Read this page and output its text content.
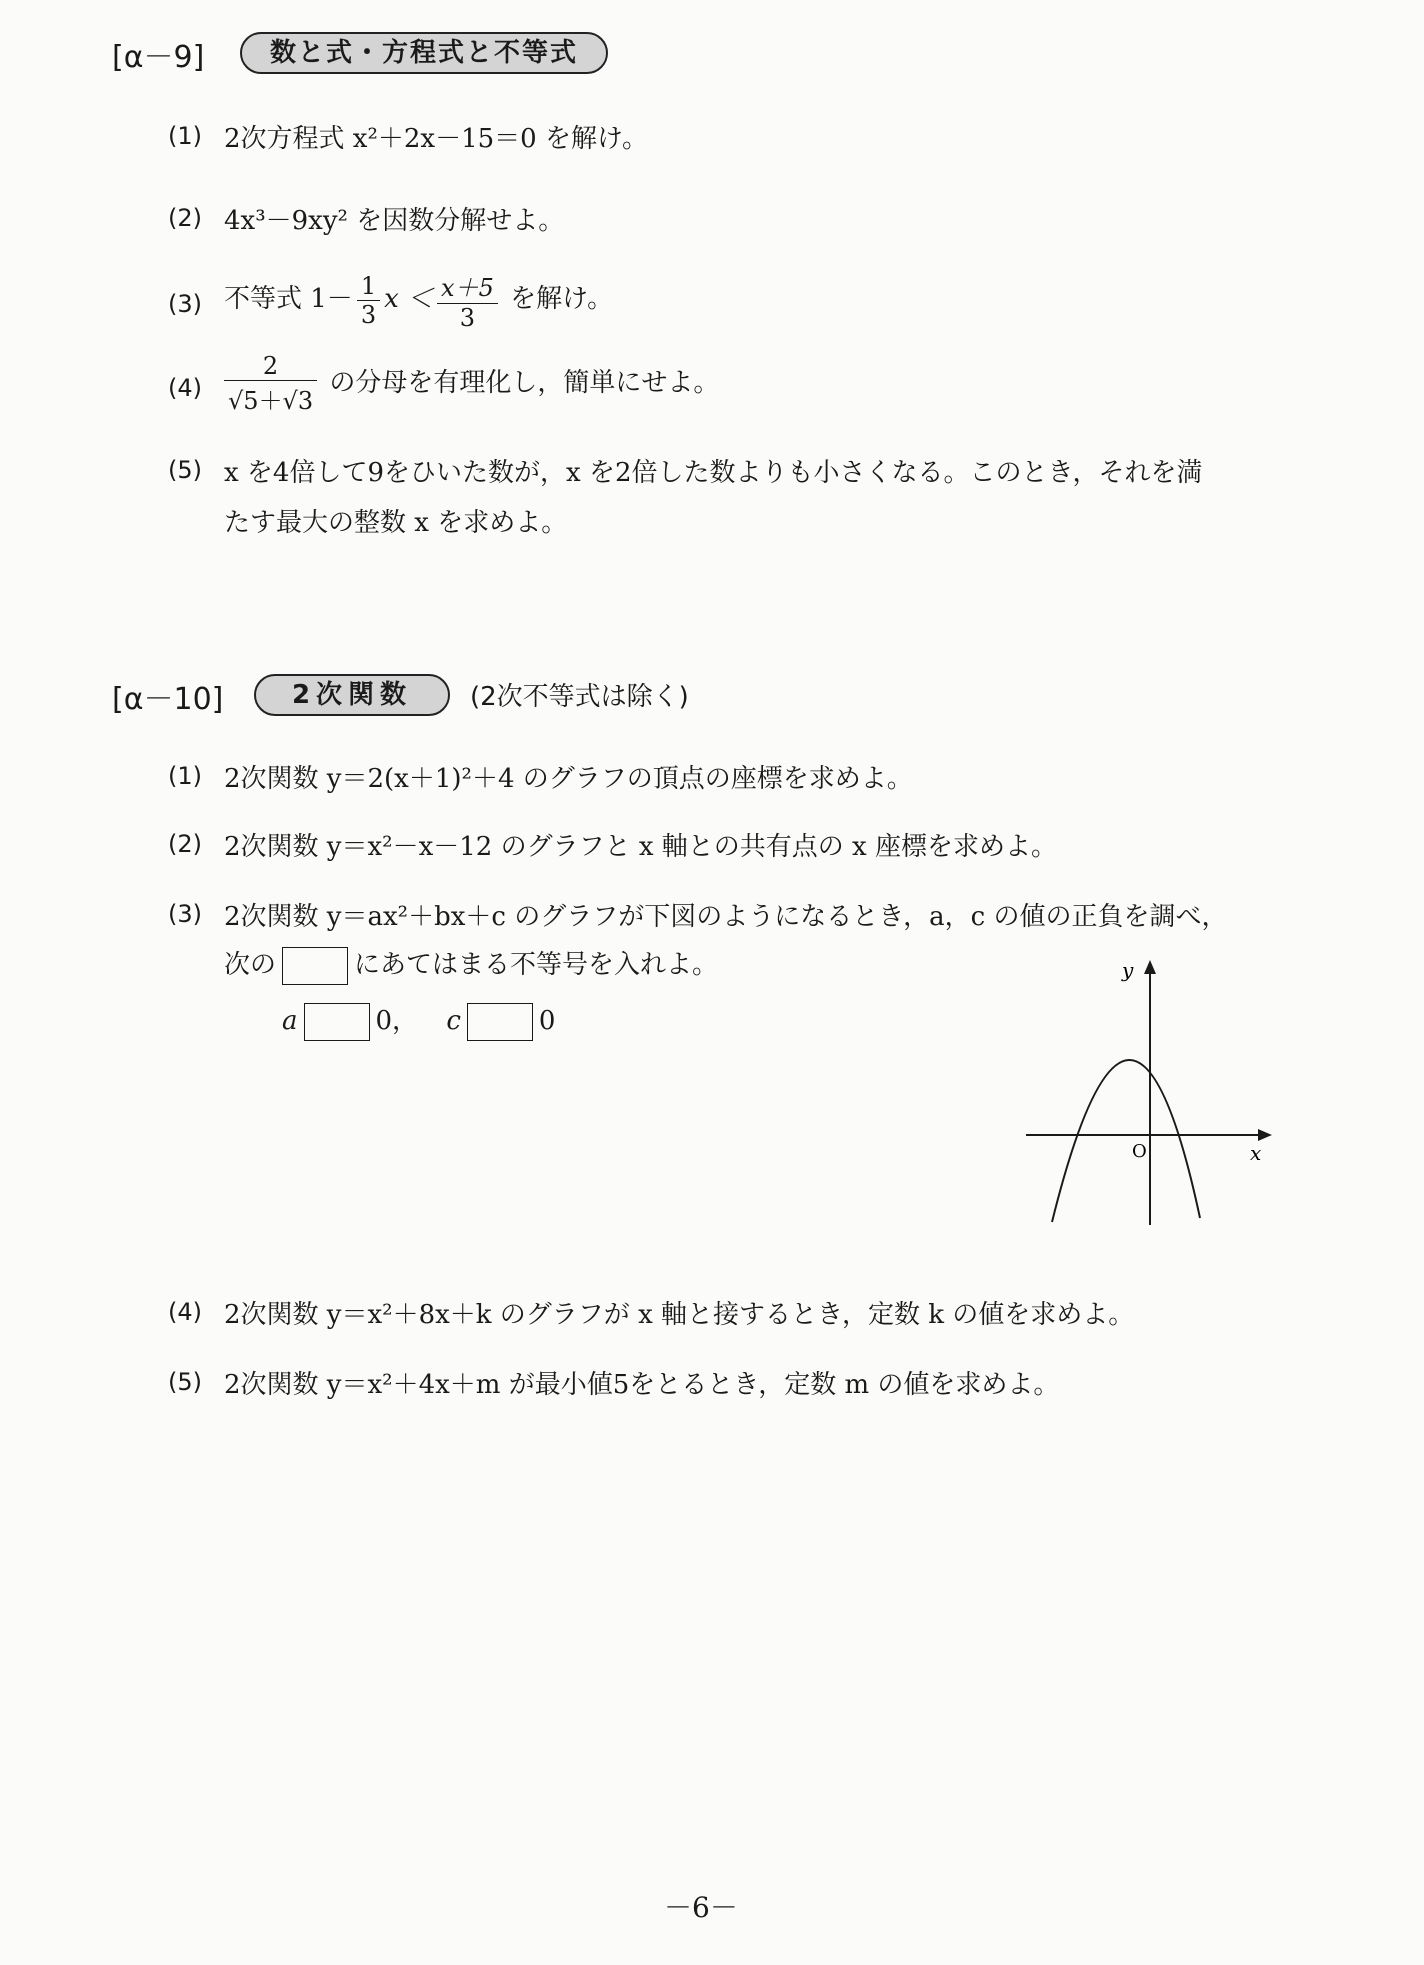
[α－9]	数と式・方程式と不等式
(1) 2次方程式 x²＋2x－15＝0 を解け。
(2) 4x³－9xy² を因数分解せよ。
(3) 不等式 $1- \frac{1}{3}$ $x < \frac{x+5}{3}$ を解け。
$(4) \frac{2}{√5+√3}$ の分母を有理化し，簡単にせよ。
(5) x を4倍して9をひいた数が，x を2倍した数よりも小さくなる。このとき，それを満
たす最大の整数 x を求めよ。
[α－10]	2次関数	(2次不等式は除く)
(1) 2次関数 y＝2(x＋1)²＋4 のグラフの頂点の座標を求めよ。
(2) 2次関数 y＝x²－x－12 のグラフと x 軸との共有点の x 座標を求めよ。
(3) 2次関数 y＝ax²＋bx＋c のグラフが下図のようになるとき，a，c の値の正負を調べ，
次の	にあてはまる不等号を入れよ。
a	0， c	0
y
x
O
(4) 2次関数 y＝x²＋8x＋k のグラフが x 軸と接するとき，定数 k の値を求めよ。
(5) 2次関数 y＝x²＋4x＋m が最小値5をとるとき，定数 m の値を求めよ。
－6－
